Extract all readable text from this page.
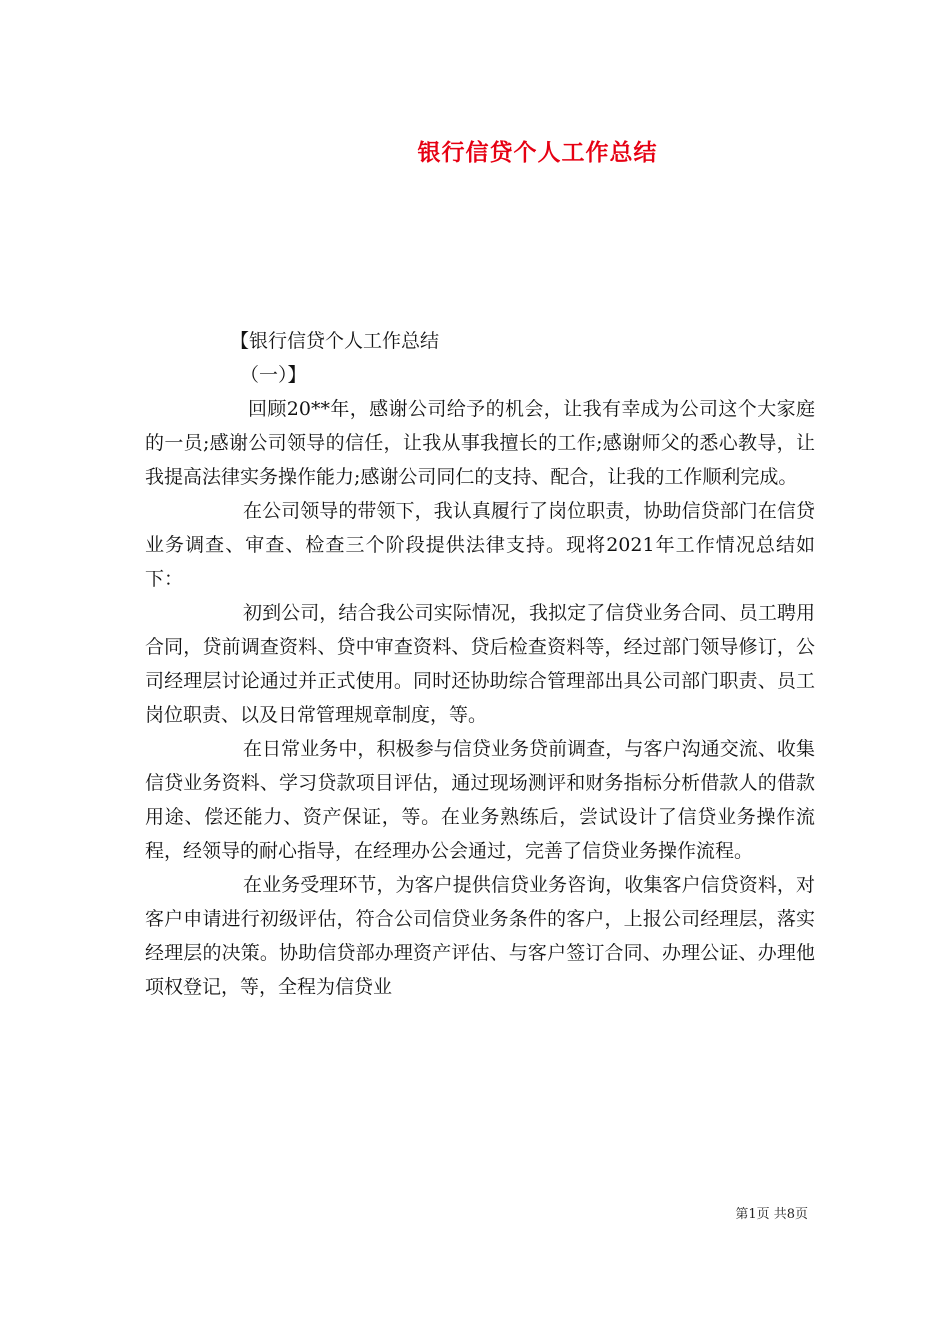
银行信贷个人工作总结

【银行信贷个人工作总结

（一）】

回顾20**年，感谢公司给予的机会，让我有幸成为公司这个大家庭的一员;感谢公司领导的信任，让我从事我擅长的工作;感谢师父的悉心教导，让我提高法律实务操作能力;感谢公司同仁的支持、配合，让我的工作顺利完成。

在公司领导的带领下，我认真履行了岗位职责，协助信贷部门在信贷业务调查、审查、检查三个阶段提供法律支持。现将2021年工作情况总结如下：

初到公司，结合我公司实际情况，我拟定了信贷业务合同、员工聘用合同，贷前调查资料、贷中审查资料、贷后检查资料等，经过部门领导修订，公司经理层讨论通过并正式使用。同时还协助综合管理部出具公司部门职责、员工岗位职责、以及日常管理规章制度，等。

在日常业务中，积极参与信贷业务贷前调查，与客户沟通交流、收集信贷业务资料、学习贷款项目评估，通过现场测评和财务指标分析借款人的借款用途、偿还能力、资产保证，等。在业务熟练后，尝试设计了信贷业务操作流程，经领导的耐心指导，在经理办公会通过，完善了信贷业务操作流程。

在业务受理环节，为客户提供信贷业务咨询，收集客户信贷资料，对客户申请进行初级评估，符合公司信贷业务条件的客户，上报公司经理层，落实经理层的决策。协助信贷部办理资产评估、与客户签订合同、办理公证、办理他项权登记，等，全程为信贷业

第1页 共8页
